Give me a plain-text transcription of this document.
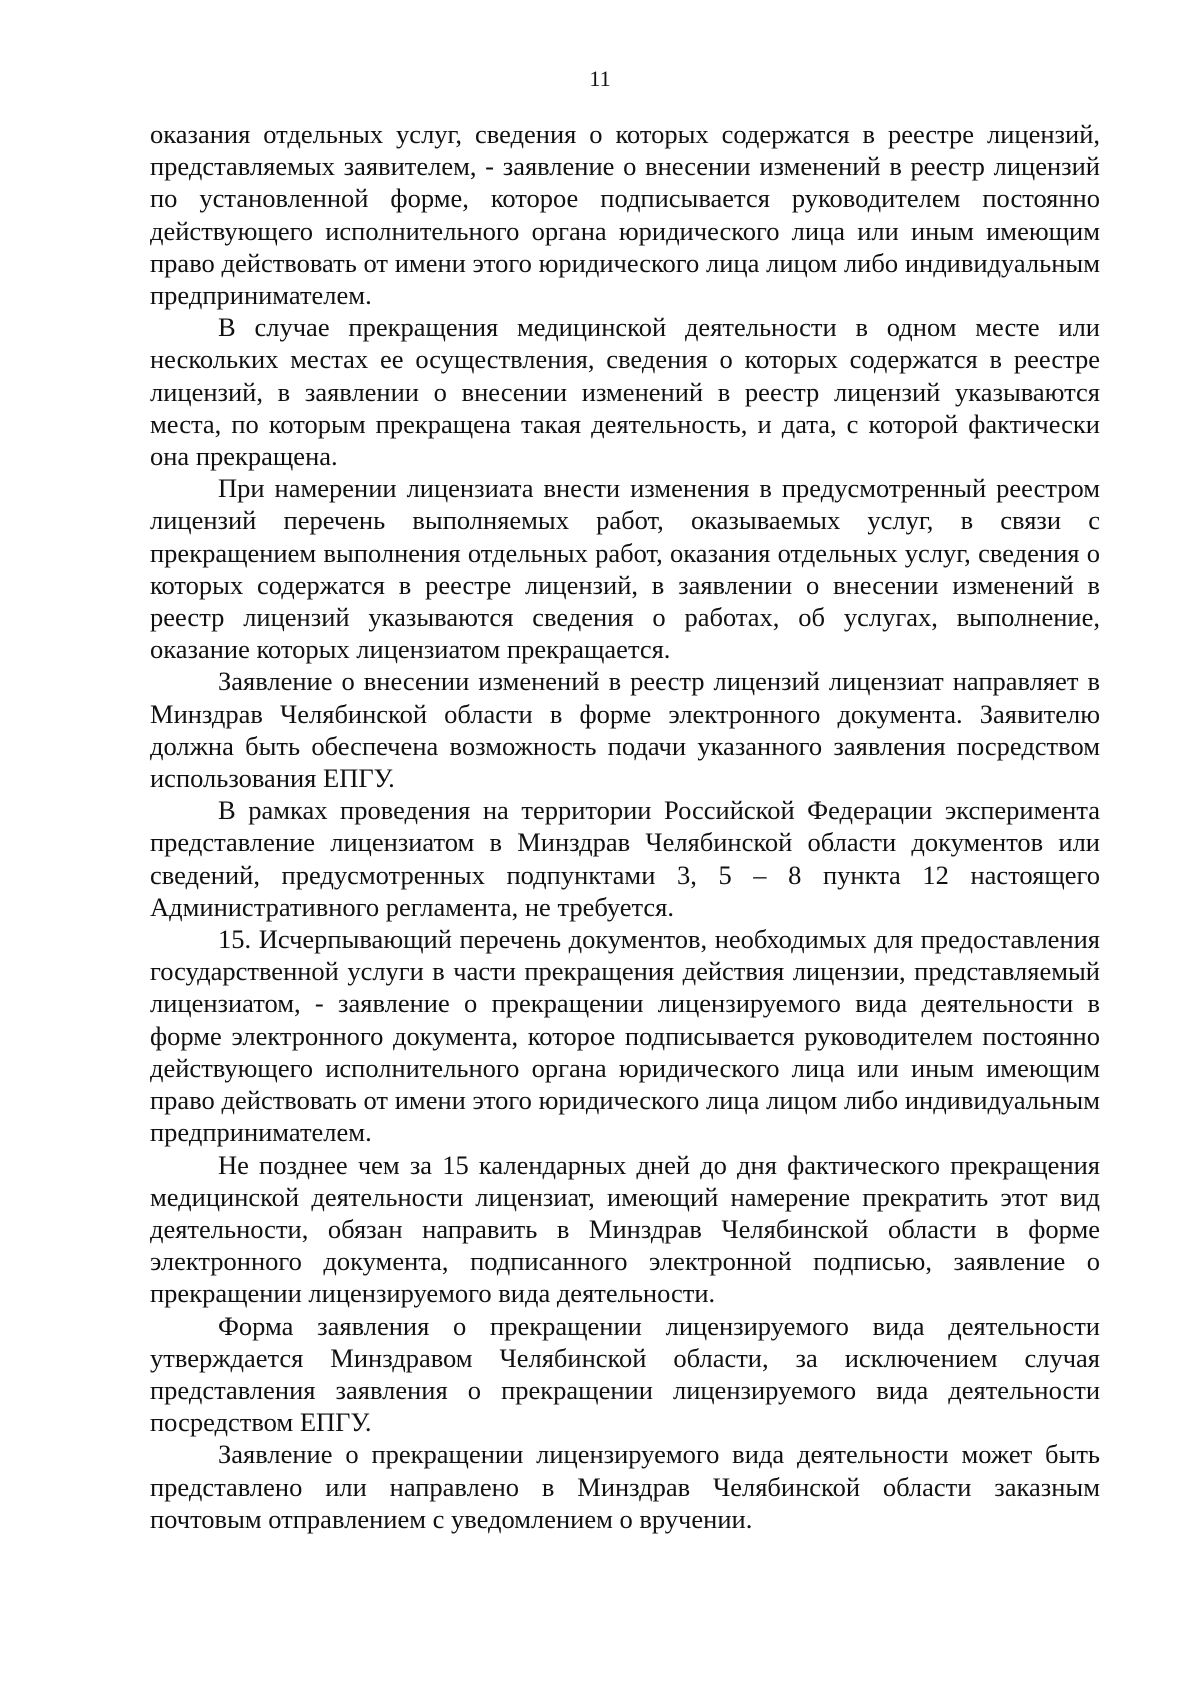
11

оказания отдельных услуг, сведения о которых содержатся в реестре лицензий, представляемых заявителем, - заявление о внесении изменений в реестр лицензий по установленной форме, которое подписывается руководителем постоянно действующего исполнительного органа юридического лица или иным имеющим право действовать от имени этого юридического лица лицом либо индивидуальным предпринимателем.

В случае прекращения медицинской деятельности в одном месте или нескольких местах ее осуществления, сведения о которых содержатся в реестре лицензий, в заявлении о внесении изменений в реестр лицензий указываются места, по которым прекращена такая деятельность, и дата, с которой фактически она прекращена.

При намерении лицензиата внести изменения в предусмотренный реестром лицензий перечень выполняемых работ, оказываемых услуг, в связи с прекращением выполнения отдельных работ, оказания отдельных услуг, сведения о которых содержатся в реестре лицензий, в заявлении о внесении изменений в реестр лицензий указываются сведения о работах, об услугах, выполнение, оказание которых лицензиатом прекращается.

Заявление о внесении изменений в реестр лицензий лицензиат направляет в Минздрав Челябинской области в форме электронного документа. Заявителю должна быть обеспечена возможность подачи указанного заявления посредством использования ЕПГУ.

В рамках проведения на территории Российской Федерации эксперимента представление лицензиатом в Минздрав Челябинской области документов или сведений, предусмотренных подпунктами 3, 5 – 8 пункта 12 настоящего Административного регламента, не требуется.

15. Исчерпывающий перечень документов, необходимых для предоставления государственной услуги в части прекращения действия лицензии, представляемый лицензиатом, - заявление о прекращении лицензируемого вида деятельности в форме электронного документа, которое подписывается руководителем постоянно действующего исполнительного органа юридического лица или иным имеющим право действовать от имени этого юридического лица лицом либо индивидуальным предпринимателем.

Не позднее чем за 15 календарных дней до дня фактического прекращения медицинской деятельности лицензиат, имеющий намерение прекратить этот вид деятельности, обязан направить в Минздрав Челябинской области в форме электронного документа, подписанного электронной подписью, заявление о прекращении лицензируемого вида деятельности.

Форма заявления о прекращении лицензируемого вида деятельности утверждается Минздравом Челябинской области, за исключением случая представления заявления о прекращении лицензируемого вида деятельности посредством ЕПГУ.

Заявление о прекращении лицензируемого вида деятельности может быть представлено или направлено в Минздрав Челябинской области заказным почтовым отправлением с уведомлением о вручении.
